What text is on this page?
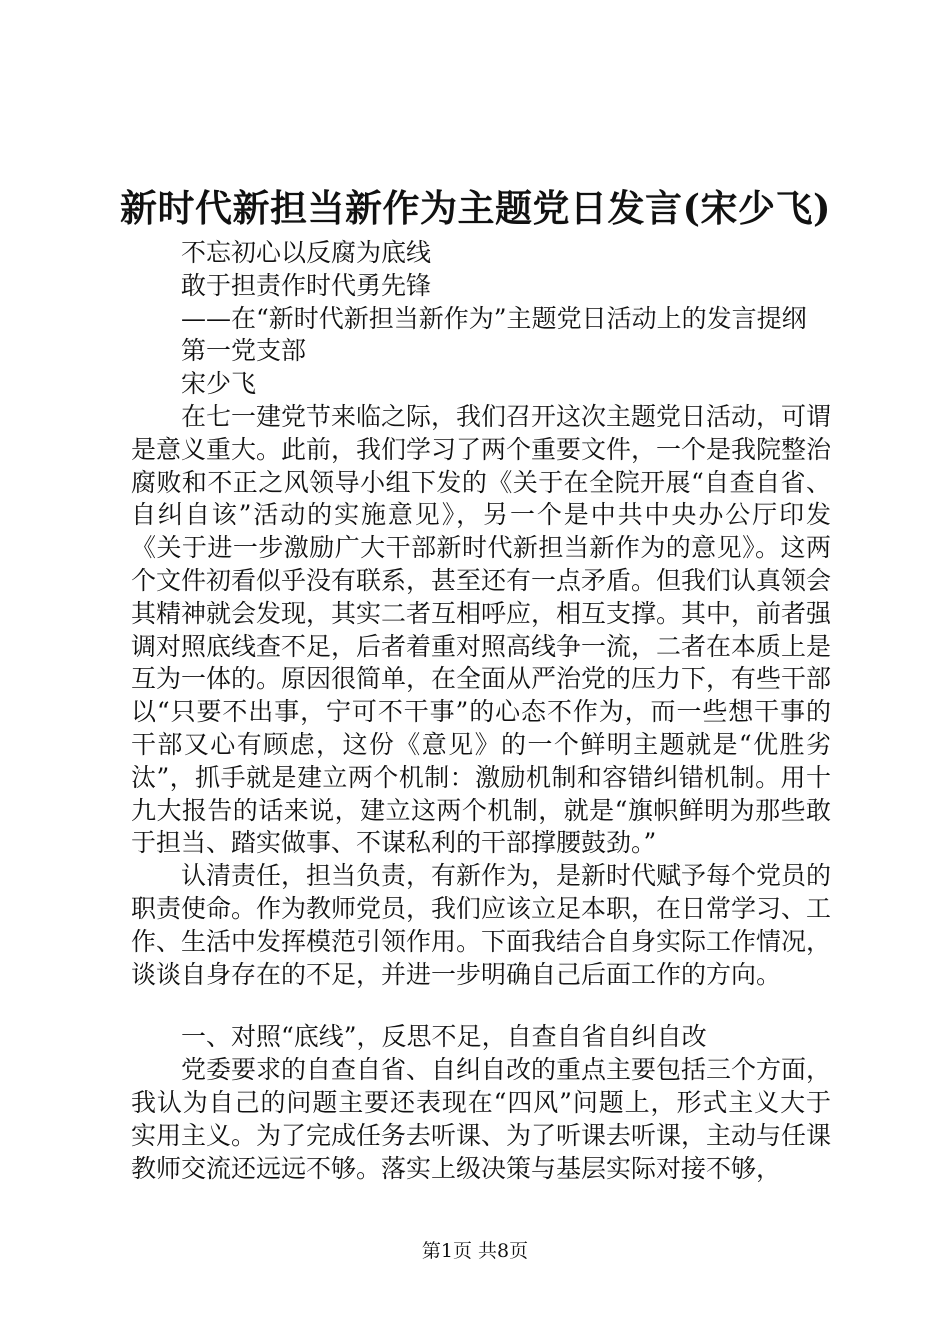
新时代新担当新作为主题党日发言(宋少飞)

不忘初心以反腐为底线

敢于担责作时代勇先锋

——在“新时代新担当新作为”主题党日活动上的发言提纲

第一党支部

宋少飞

在七一建党节来临之际，我们召开这次主题党日活动，可谓是意义重大。此前，我们学习了两个重要文件，一个是我院整治腐败和不正之风领导小组下发的《关于在全院开展“自查自省、自纠自该”活动的实施意见》，另一个是中共中央办公厅印发《关于进一步激励广大干部新时代新担当新作为的意见》。这两个文件初看似乎没有联系，甚至还有一点矛盾。但我们认真领会其精神就会发现，其实二者互相呼应，相互支撑。其中，前者强调对照底线查不足，后者着重对照高线争一流，二者在本质上是互为一体的。原因很简单，在全面从严治党的压力下，有些干部以“只要不出事，宁可不干事”的心态不作为，而一些想干事的干部又心有顾虑，这份《意见》的一个鲜明主题就是“优胜劣汰”，抓手就是建立两个机制：激励机制和容错纠错机制。用十九大报告的话来说，建立这两个机制，就是“旗帜鲜明为那些敢于担当、踏实做事、不谋私利的干部撑腰鼓劲。”

认清责任，担当负责，有新作为，是新时代赋予每个党员的职责使命。作为教师党员，我们应该立足本职，在日常学习、工作、生活中发挥模范引领作用。下面我结合自身实际工作情况，谈谈自身存在的不足，并进一步明确自己后面工作的方向。

一、对照“底线”，反思不足，自查自省自纠自改

党委要求的自查自省、自纠自改的重点主要包括三个方面，我认为自己的问题主要还表现在“四风”问题上，形式主义大于实用主义。为了完成任务去听课、为了听课去听课，主动与任课教师交流还远远不够。落实上级决策与基层实际对接不够，

第1页 共8页
